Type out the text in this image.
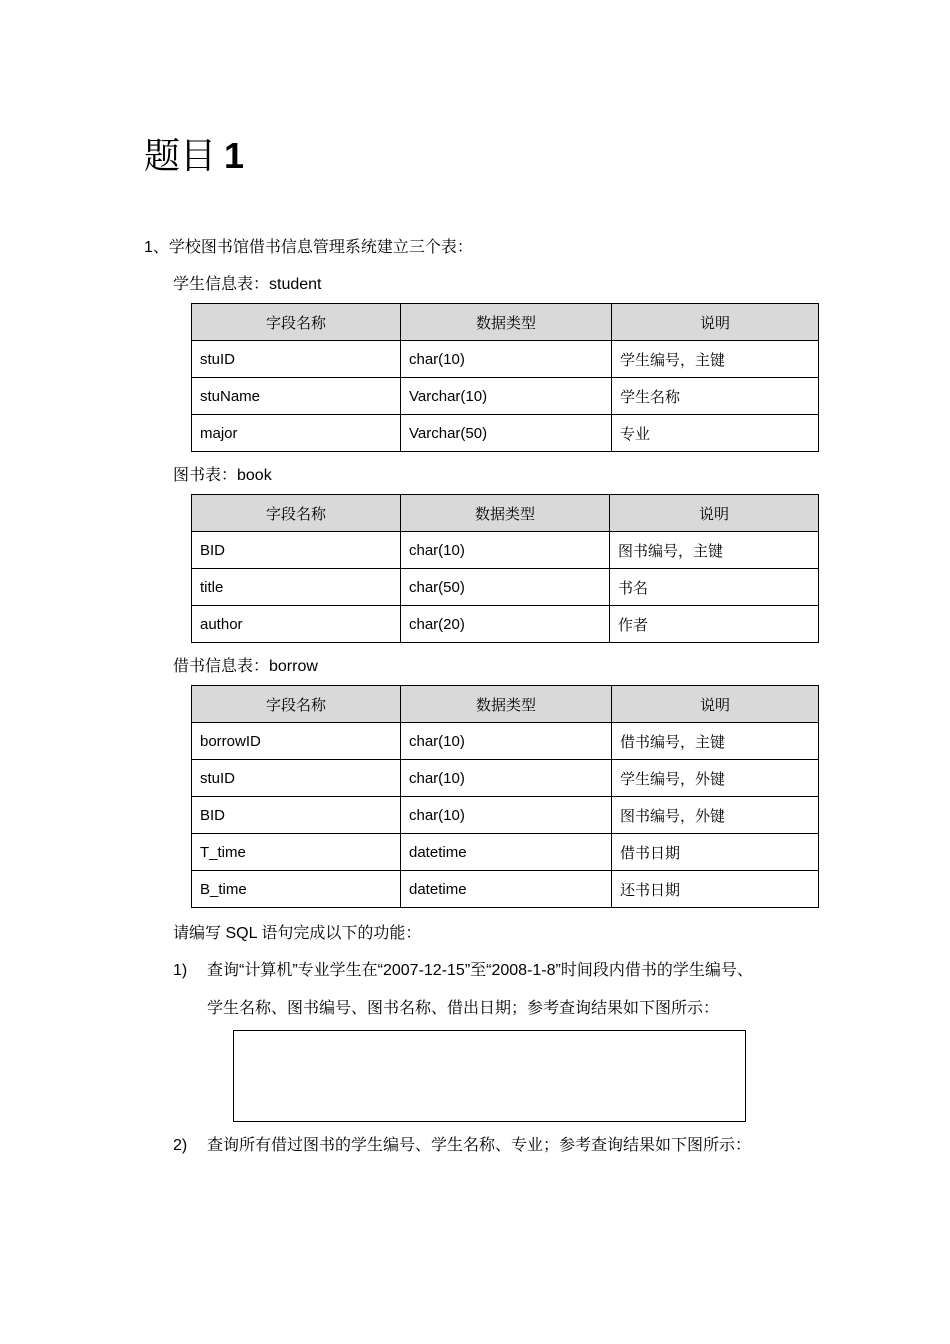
题目 1
1、学校图书馆借书信息管理系统建立三个表：
学生信息表：student
字段名称	数据类型	说明
stuID	char(10)	学生编号，主键
stuName	Varchar(10)	学生名称
major	Varchar(50)	专业
图书表：book
字段名称	数据类型	说明
BID	char(10)	图书编号，主键
title	char(50)	书名
author	char(20)	作者
借书信息表：borrow
字段名称	数据类型	说明
borrowID	char(10)	借书编号，主键
stuID	char(10)	学生编号，外键
BID	char(10)	图书编号，外键
T_time	datetime	借书日期
B_time	datetime	还书日期
请编写 SQL 语句完成以下的功能：
1) 查询“计算机”专业学生在“2007-12-15”至“2008-1-8”时间段内借书的学生编号、
学生名称、图书编号、图书名称、借出日期；参考查询结果如下图所示：
2) 查询所有借过图书的学生编号、学生名称、专业；参考查询结果如下图所示：
